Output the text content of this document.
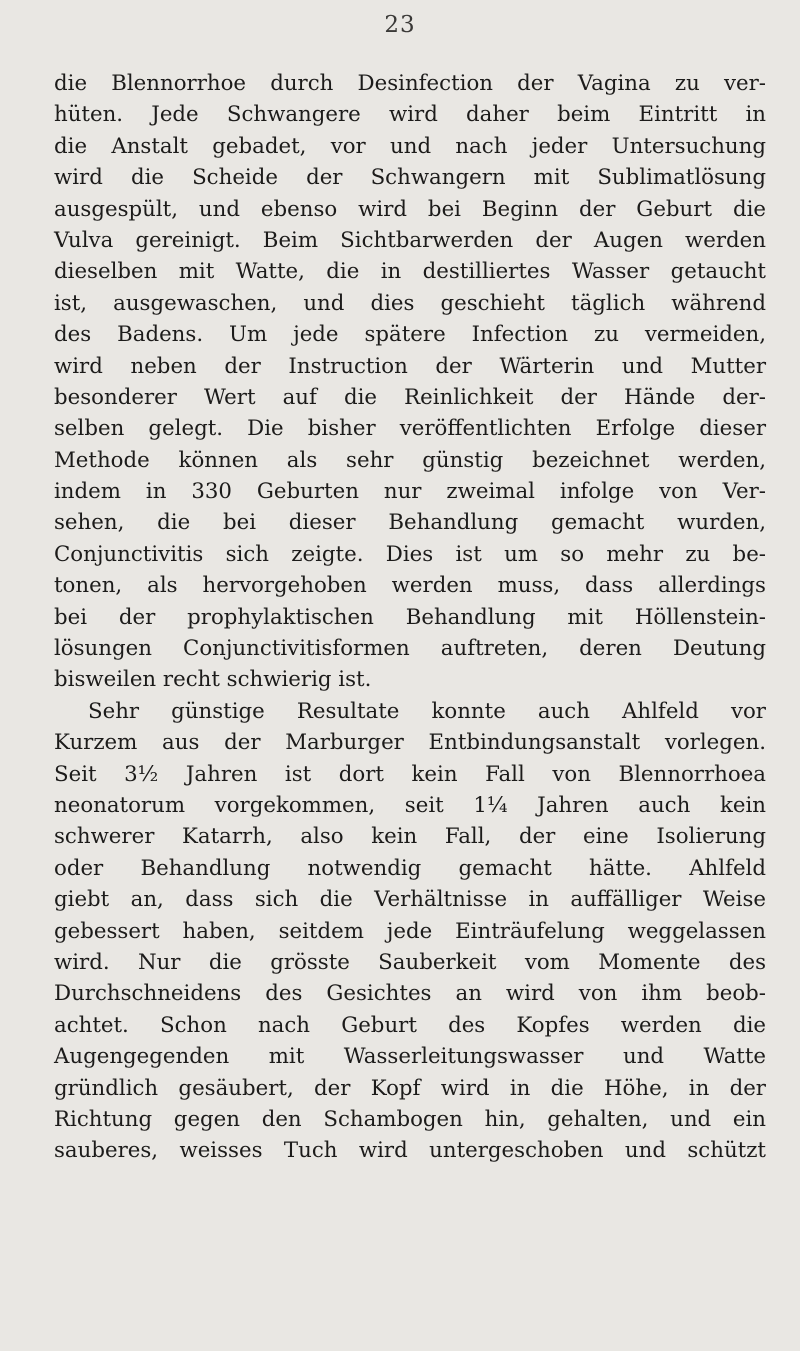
23
die Blennorrhoe durch Desinfection der Vagina zu ver-
hüten. Jede Schwangere wird daher beim Eintritt in
die Anstalt gebadet, vor und nach jeder Untersuchung
wird die Scheide der Schwangern mit Sublimatlösung
ausgespült, und ebenso wird bei Beginn der Geburt die
Vulva gereinigt. Beim Sichtbarwerden der Augen werden
dieselben mit Watte, die in destilliertes Wasser getaucht
ist, ausgewaschen, und dies geschieht täglich während
des Badens. Um jede spätere Infection zu vermeiden,
wird neben der Instruction der Wärterin und Mutter
besonderer Wert auf die Reinlichkeit der Hände der-
selben gelegt. Die bisher veröffentlichten Erfolge dieser
Methode können als sehr günstig bezeichnet werden,
indem in 330 Geburten nur zweimal infolge von Ver-
sehen, die bei dieser Behandlung gemacht wurden,
Conjunctivitis sich zeigte. Dies ist um so mehr zu be-
tonen, als hervorgehoben werden muss, dass allerdings
bei der prophylaktischen Behandlung mit Höllenstein-
lösungen Conjunctivitisformen auftreten, deren Deutung
bisweilen recht schwierig ist.
Sehr günstige Resultate konnte auch Ahlfeld vor
Kurzem aus der Marburger Entbindungsanstalt vorlegen.
Seit 3½ Jahren ist dort kein Fall von Blennorrhoea
neonatorum vorgekommen, seit 1¼ Jahren auch kein
schwerer Katarrh, also kein Fall, der eine Isolierung
oder Behandlung notwendig gemacht hätte. Ahlfeld
giebt an, dass sich die Verhältnisse in auffälliger Weise
gebessert haben, seitdem jede Einträufelung weggelassen
wird. Nur die grösste Sauberkeit vom Momente des
Durchschneidens des Gesichtes an wird von ihm beob-
achtet. Schon nach Geburt des Kopfes werden die
Augengegenden mit Wasserleitungswasser und Watte
gründlich gesäubert, der Kopf wird in die Höhe, in der
Richtung gegen den Schambogen hin, gehalten, und ein
sauberes, weisses Tuch wird untergeschoben und schützt
